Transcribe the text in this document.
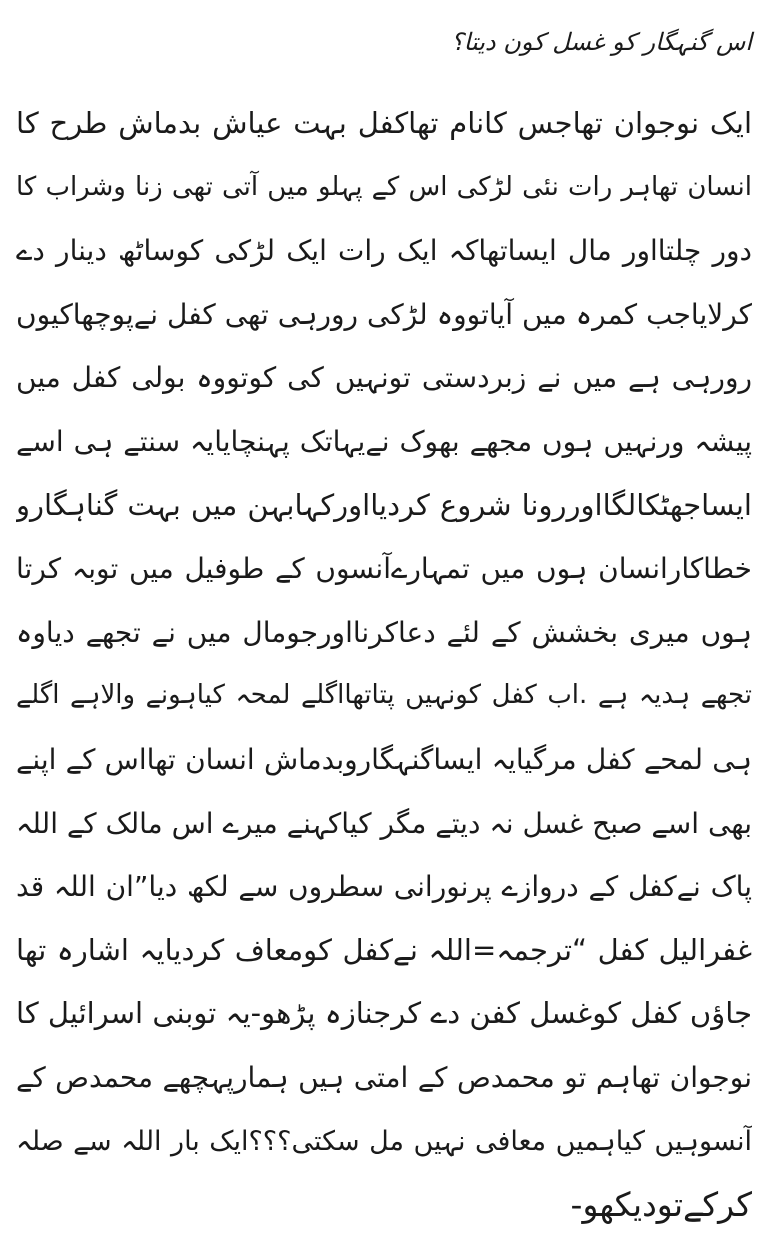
اس گنہگار کو غسل کون دیتا؟
ایک نوجوان تھاجس کانام تھاکفل بہت عیاش بدماش طرح کا
انسان تھاہر رات نئی لڑکی اس کے پہلو میں آتی تھی زنا وشراب کا
دور چلتااور مال ایساتھاکہ ایک رات ایک لڑکی کوساٹھ دینار دے
کرلایاجب کمرہ میں آیاتووہ لڑکی رورہی تھی کفل نےپوچھاکیوں
رورہی ہے میں نے زبردستی تونہیں کی کوتووہ بولی کفل میں
پیشہ ورنہیں ہوں مجھے بھوک نےیہاتک پہنچایایہ سنتے ہی اسے
ایساجھٹکالگااوررونا شروع کردیااورکہابہن میں بہت گناہگارو
خطاکارانسان ہوں میں تمہارےآنسوں کے طوفیل میں توبہ کرتا
ہوں میری بخشش کے لئے دعاکرنااورجومال میں نے تجھے دیاوہ
تجھے ہدیہ ہے .اب کفل کونہیں پتاتھااگلے لمحہ کیاہونے والاہے اگلے
ہی لمحے کفل مرگیایہ ایساگنہگاروبدماش انسان تھااس کے اپنے
بھی اسے صبح غسل نہ دیتے مگر کیاکہنے میرے اس مالک کے اللہ
پاک نےکفل کے دروازے پرنورانی سطروں سے لکھ دیا”ان اللہ قد
غفرالیل کفل “ترجمہ=اللہ نےکفل کومعاف کردیایہ اشارہ تھا
جاؤں کفل کوغسل کفن دے کرجنازہ پڑھو-یہ توبنی اسرائیل کا
نوجوان تھاہم تو محمدص کے امتی ہیں ہمارپہچھے محمدص کے
آنسوہیں کیاہمیں معافی نہیں مل سکتی؟؟؟ایک بار اللہ سے صلہ
کرکےتودیکھو-
